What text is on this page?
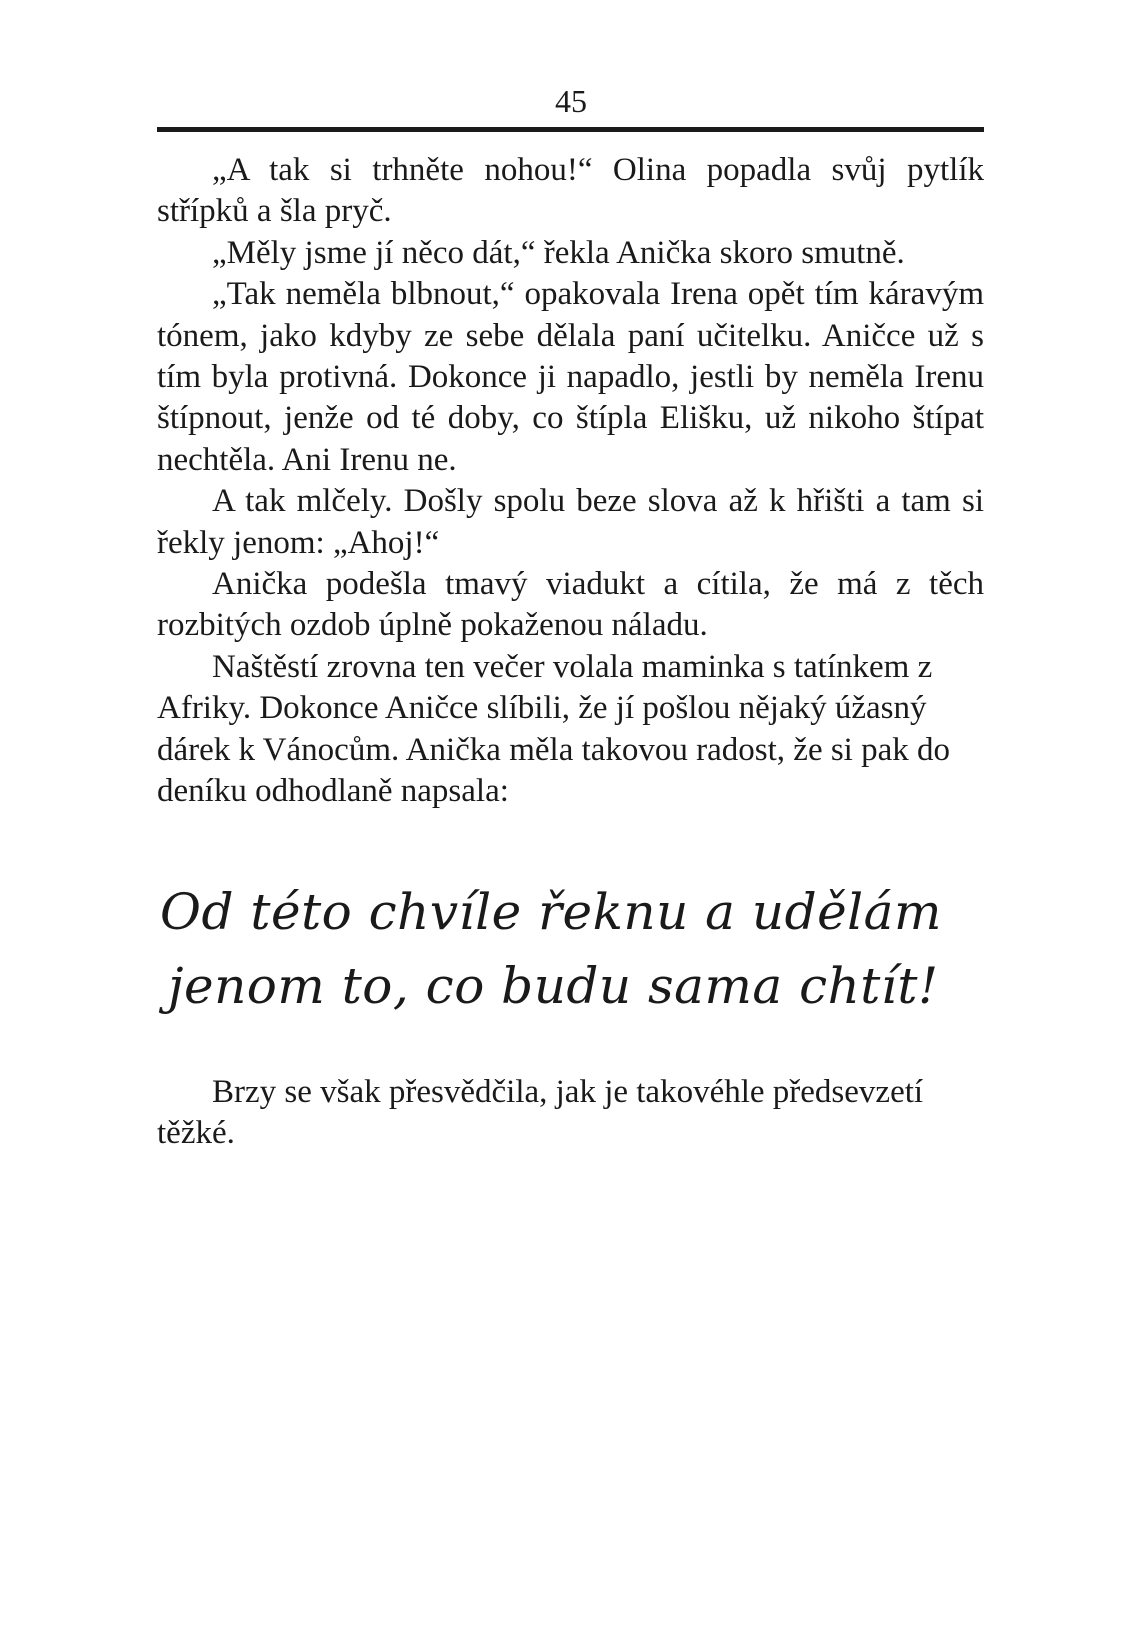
45

„A tak si trhněte nohou!“ Olina popadla svůj pytlík střípků a šla pryč.

„Měly jsme jí něco dát,“ řekla Anička skoro smutně.

„Tak neměla blbnout,“ opakovala Irena opět tím káravým tónem, jako kdyby ze sebe dělala paní učitelku. Aničce už s tím byla protivná. Dokonce ji napadlo, jestli by neměla Irenu štípnout, jenže od té doby, co štípla Elišku, už nikoho štípat nechtěla. Ani Irenu ne.

A tak mlčely. Došly spolu beze slova až k hřišti a tam si řekly jenom: „Ahoj!“

Anička podešla tmavý viadukt a cítila, že má z těch rozbitých ozdob úplně pokaženou náladu.

Naštěstí zrovna ten večer volala maminka s tatínkem z Afriky. Dokonce Aničce slíbili, že jí pošlou nějaký úžasný dárek k Vánocům. Anička měla takovou radost, že si pak do deníku odhodlaně napsala:

Od této chvíle řeknu a udělám
jenom to, co budu sama chtít!

Brzy se však přesvědčila, jak je takovéhle předsevzetí těžké.
